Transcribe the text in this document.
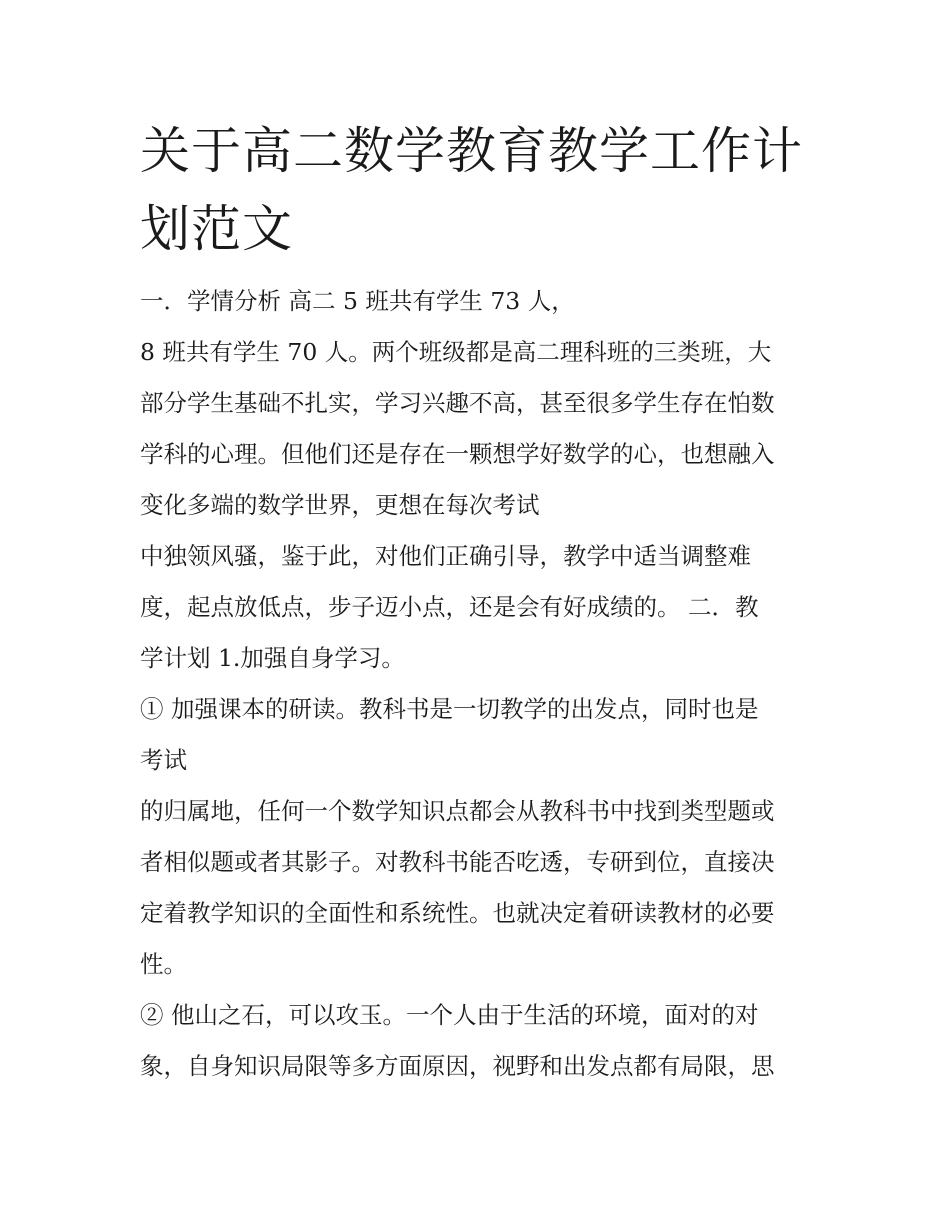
关于高二数学教育教学工作计
划范文
一．学情分析 高二 5 班共有学生 73 人，
8 班共有学生 70 人。两个班级都是高二理科班的三类班，大
部分学生基础不扎实，学习兴趣不高，甚至很多学生存在怕数
学科的心理。但他们还是存在一颗想学好数学的心，也想融入
变化多端的数学世界，更想在每次考试
中独领风骚，鉴于此，对他们正确引导，教学中适当调整难
度，起点放低点，步子迈小点，还是会有好成绩的。 二．教
学计划 1.加强自身学习。
① 加强课本的研读。教科书是一切教学的出发点，同时也是
考试
的归属地，任何一个数学知识点都会从教科书中找到类型题或
者相似题或者其影子。对教科书能否吃透，专研到位，直接决
定着教学知识的全面性和系统性。也就决定着研读教材的必要
性。
② 他山之石，可以攻玉。一个人由于生活的环境，面对的对
象，自身知识局限等多方面原因，视野和出发点都有局限，思
